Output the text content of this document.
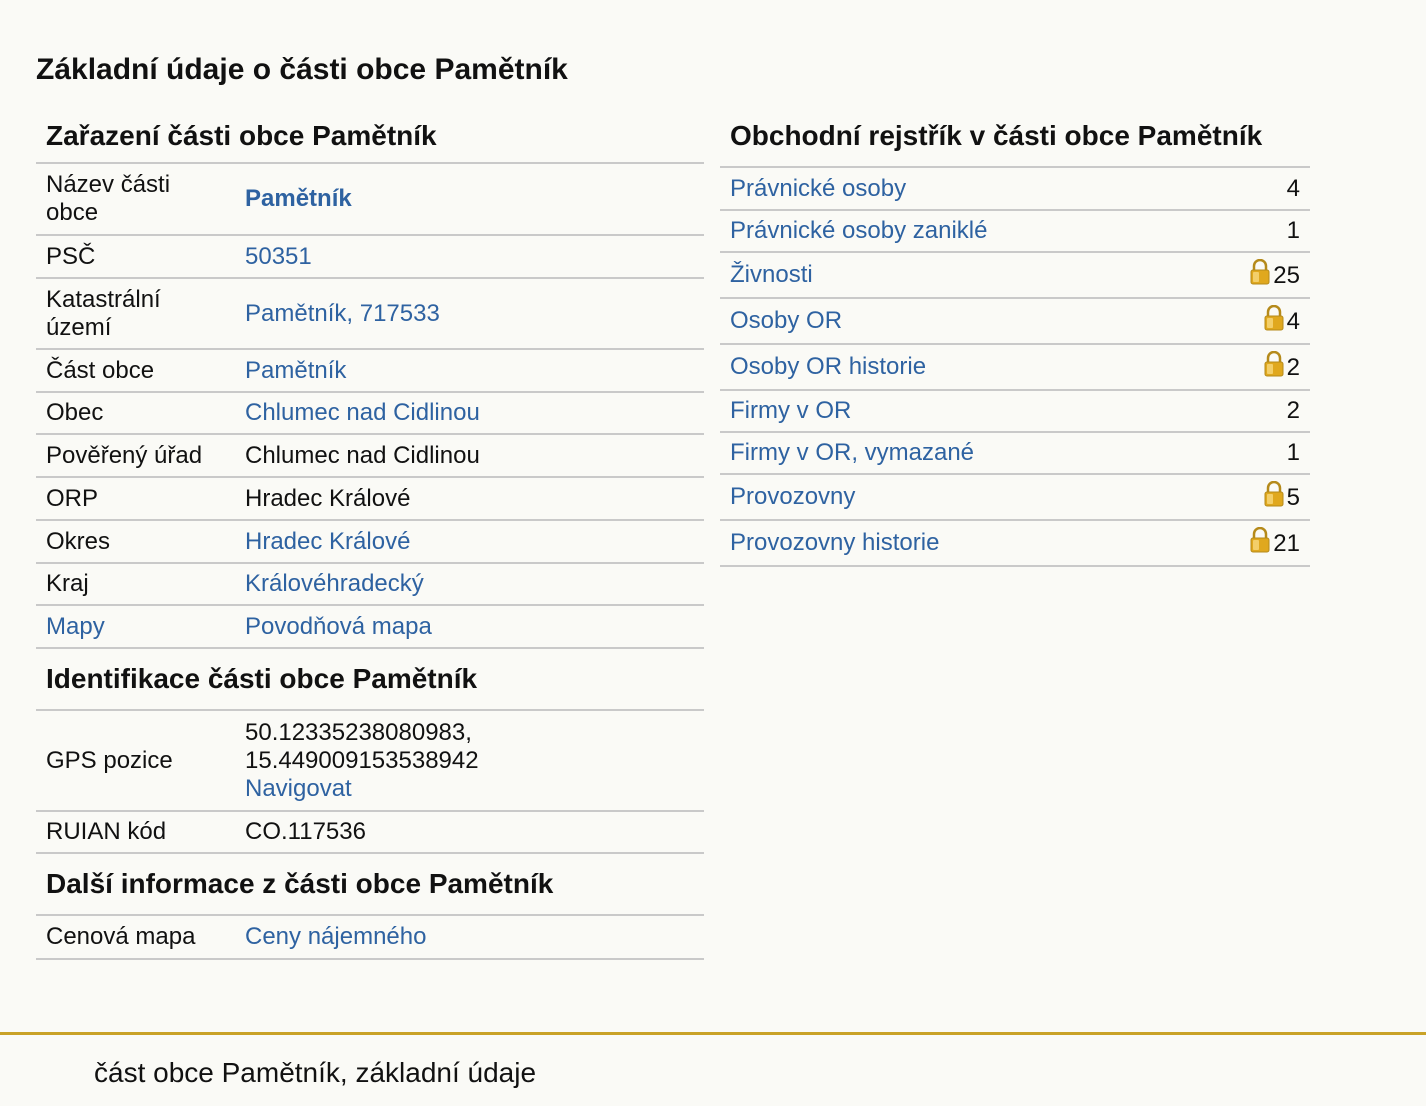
Základní údaje o části obce Pamětník
Zařazení části obce Pamětník
Název části obce	Pamětník
PSČ	50351
Katastrální území	Pamětník, 717533
Část obce	Pamětník
Obec	Chlumec nad Cidlinou
Pověřený úřad	Chlumec nad Cidlinou
ORP	Hradec Králové
Okres	Hradec Králové
Kraj	Královéhradecký
Mapy	Povodňová mapa
Identifikace části obce Pamětník
GPS pozice	50.12335238080983,
15.449009153538942
Navigovat

RUIAN kód	CO.117536
Další informace z části obce Pamětník
Cenová mapa	Ceny nájemného
Obchodní rejstřík v části obce Pamětník
Právnické osoby	4
Právnické osoby zaniklé	1
Živnosti	25
Osoby OR	4
Osoby OR historie	2
Firmy v OR	2
Firmy v OR, vymazané	1
Provozovny	5
Provozovny historie	21
část obce Pamětník, základní údaje
